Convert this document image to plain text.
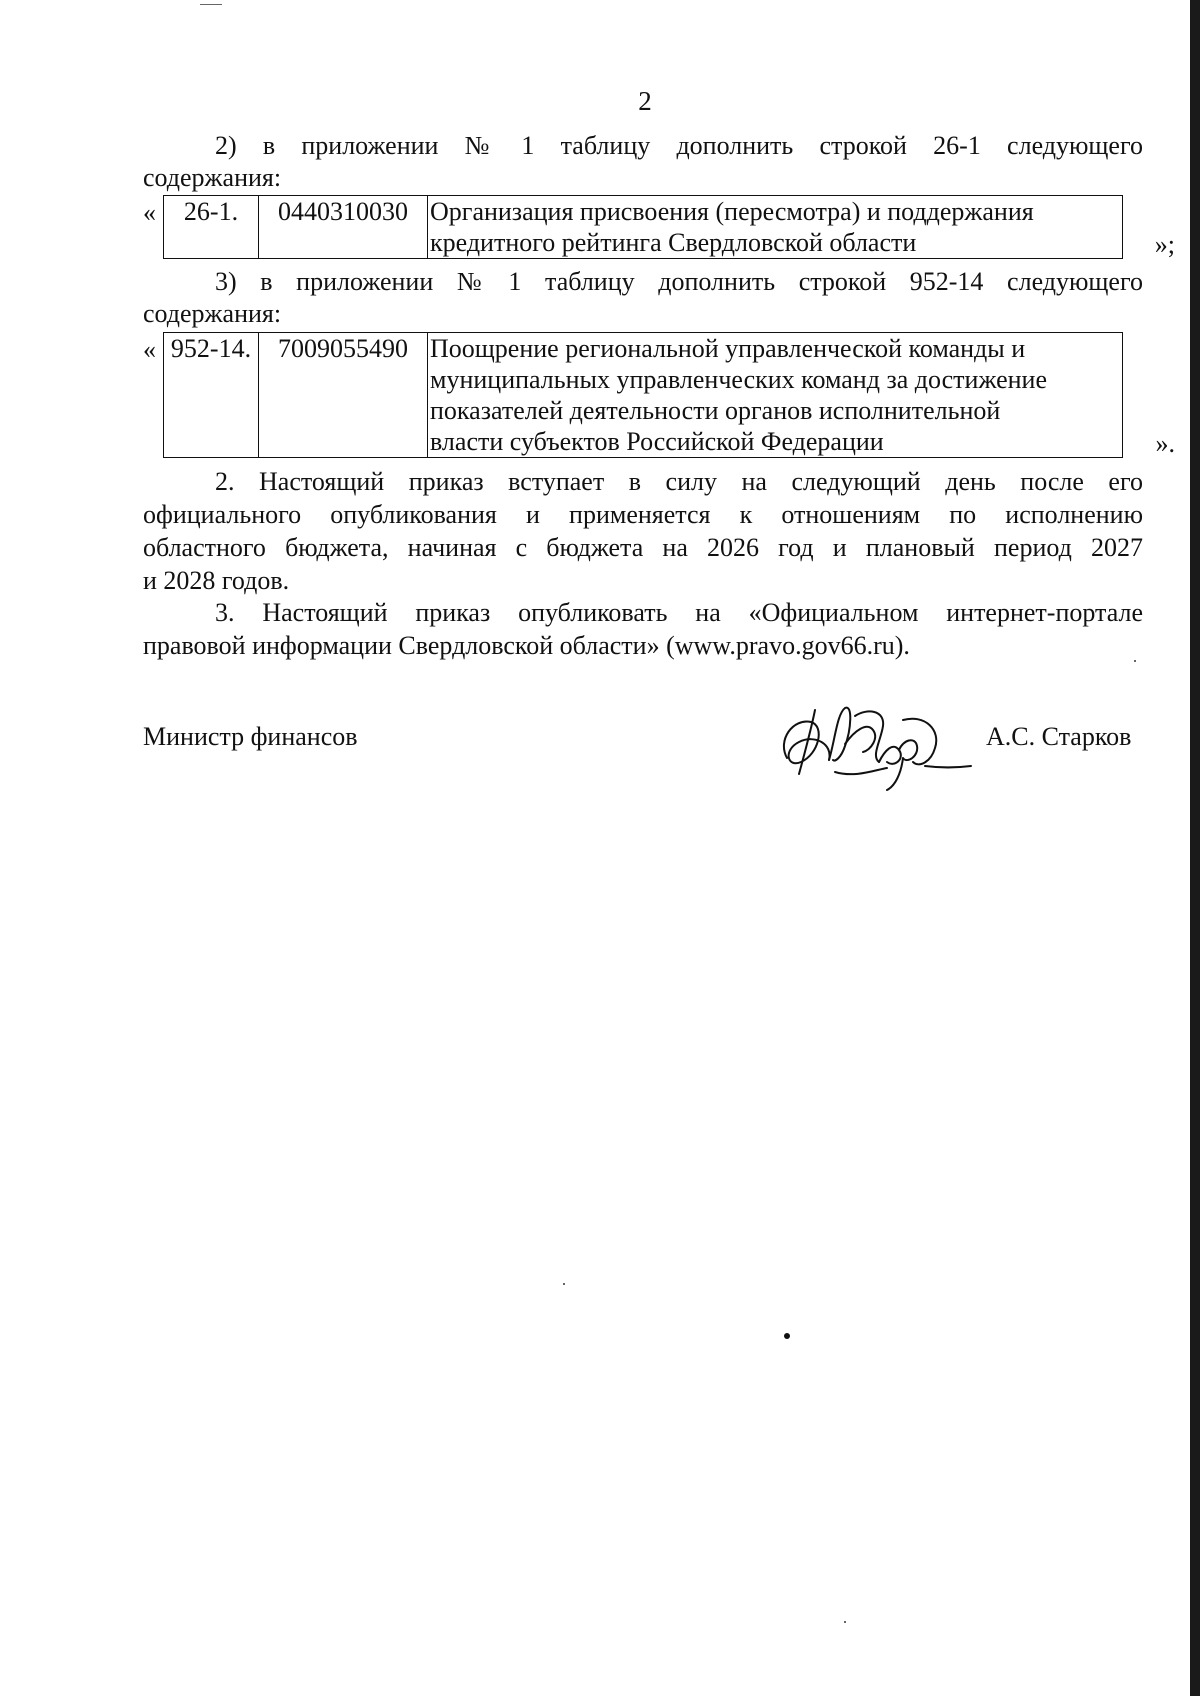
2
2) в приложении № 1 таблицу дополнить строкой 26-1 следующего
содержания:
« 26-1.	0440310030	Организация присвоения (пересмотра) и поддержания
кредитного рейтинга Свердловской области	»;
3) в приложении № 1 таблицу дополнить строкой 952-14 следующего
содержания:
« 952-14.	7009055490	Поощрение региональной управленческой команды и
муниципальных управленческих команд за достижение
показателей деятельности органов исполнительной
власти субъектов Российской Федерации	».
2. Настоящий приказ вступает в силу на следующий день после его
официального опубликования и применяется к отношениям по исполнению
областного бюджета, начиная с бюджета на 2026 год и плановый период 2027
и 2028 годов.
3. Настоящий приказ опубликовать на «Официальном интернет-портале
правовой информации Свердловской области» (www.pravo.gov66.ru).
Министр финансов	А.С. Старков
